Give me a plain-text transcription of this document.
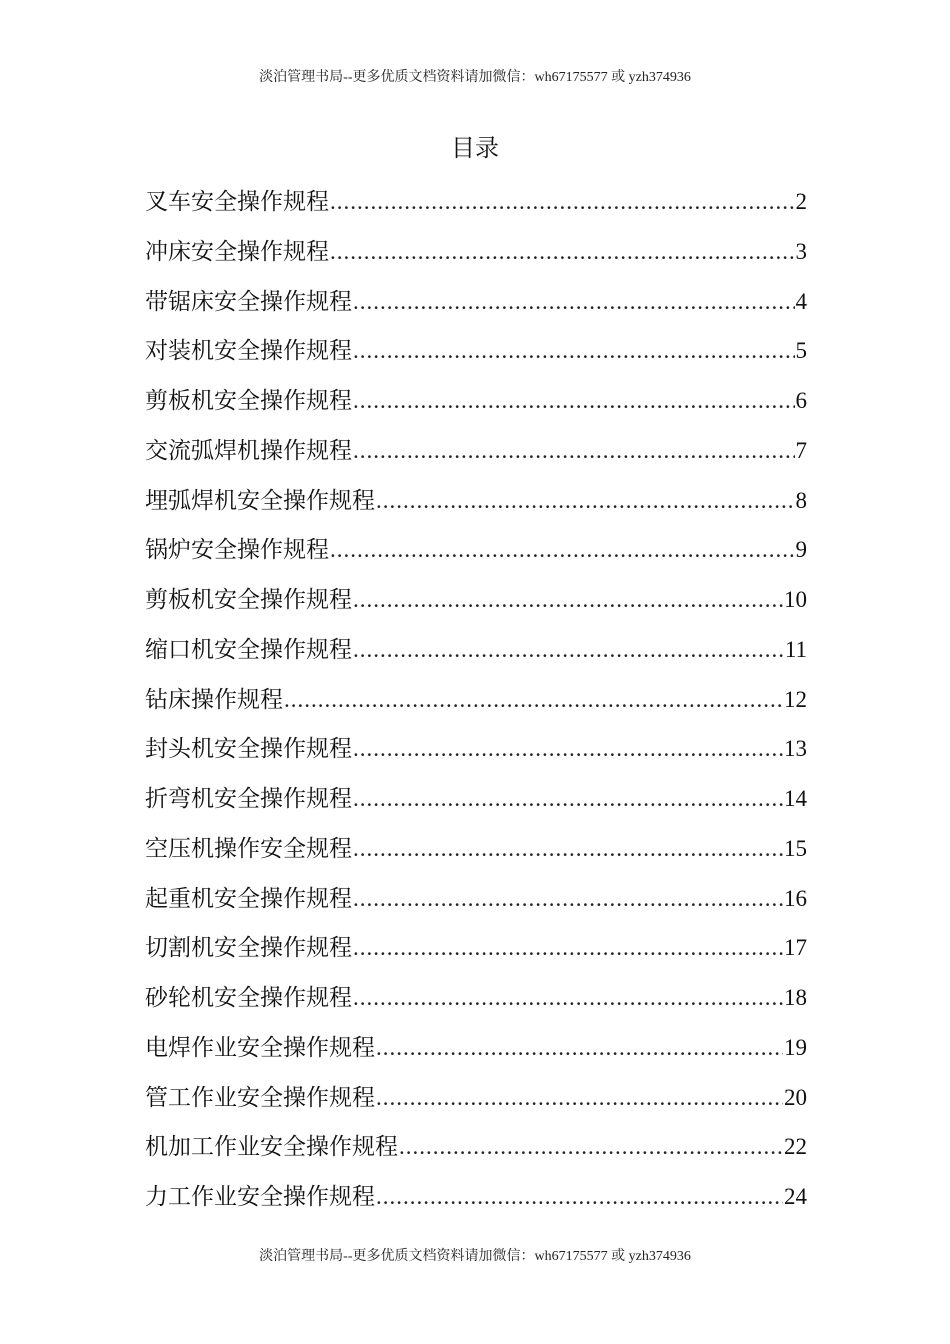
淡泊管理书局--更多优质文档资料请加微信：wh67175577 或 yzh374936
目录
叉车安全操作规程 .....	2
冲床安全操作规程 .....	3
带锯床安全操作规程 .....	4
对装机安全操作规程 .....	5
剪板机安全操作规程 .....	6
交流弧焊机操作规程 .....	7
埋弧焊机安全操作规程 .....	8
锅炉安全操作规程 .....	9
剪板机安全操作规程 .....	10
缩口机安全操作规程 .....	11
钻床操作规程 .....	12
封头机安全操作规程 .....	13
折弯机安全操作规程 .....	14
空压机操作安全规程 .....	15
起重机安全操作规程 .....	16
切割机安全操作规程 .....	17
砂轮机安全操作规程 .....	18
电焊作业安全操作规程 .....	19
管工作业安全操作规程 .....	20
机加工作业安全操作规程 .....	22
力工作业安全操作规程 .....	24
淡泊管理书局--更多优质文档资料请加微信：wh67175577 或 yzh374936
